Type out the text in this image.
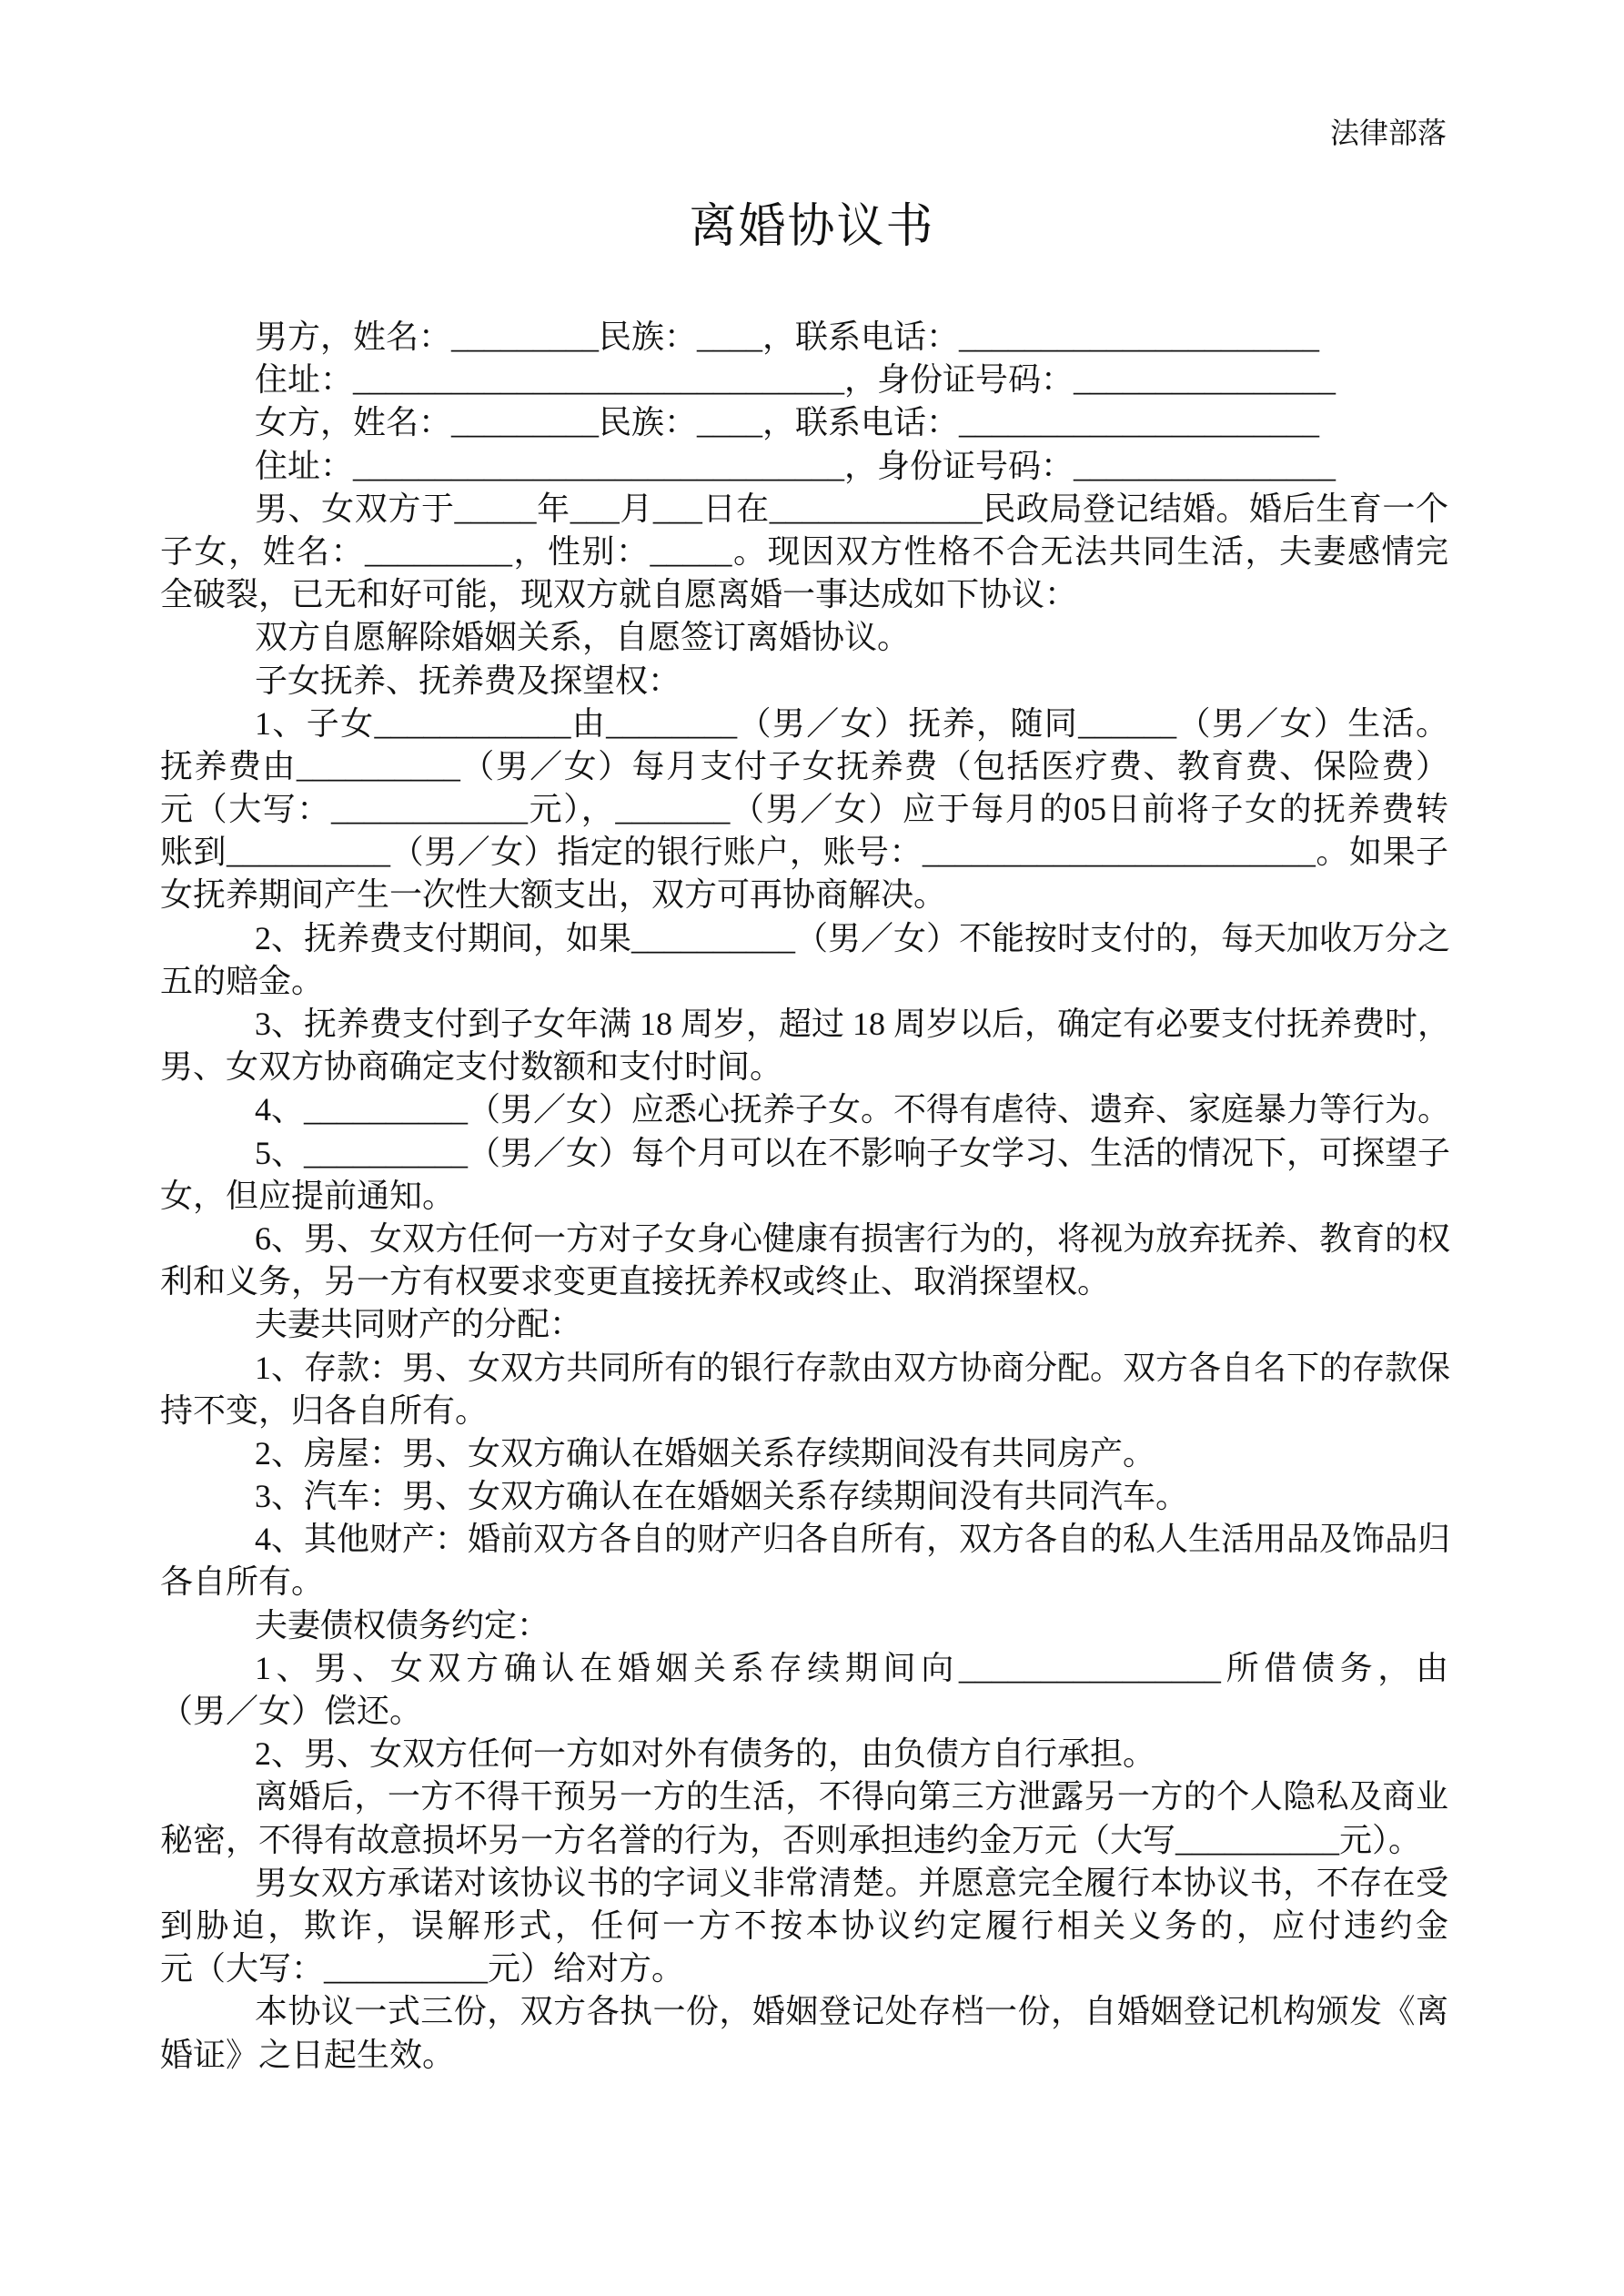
法律部落
离婚协议书
男方，姓名：_________民族：____，联系电话：______________________
住址：______________________________，身份证号码：________________
女方，姓名：_________民族：____，联系电话：______________________
住址：______________________________，身份证号码：________________
男、女双方于_____年___月___日在_____________民政局登记结婚。婚后生育一个
子女，姓名：_________，性别：_____。现因双方性格不合无法共同生活，夫妻感情完
全破裂，已无和好可能，现双方就自愿离婚一事达成如下协议：
双方自愿解除婚姻关系，自愿签订离婚协议。
子女抚养、抚养费及探望权：
1、子女____________由________（男／女）抚养，随同______（男／女）生活。
抚养费由__________（男／女）每月支付子女抚养费（包括医疗费、教育费、保险费）
元（大写：____________元），_______（男／女）应于每月的05日前将子女的抚养费转
账到__________（男／女）指定的银行账户，账号：________________________。如果子
女抚养期间产生一次性大额支出，双方可再协商解决。
2、抚养费支付期间，如果__________（男／女）不能按时支付的，每天加收万分之
五的赔金。
3、抚养费支付到子女年满 18 周岁，超过 18 周岁以后，确定有必要支付抚养费时，
男、女双方协商确定支付数额和支付时间。
4、__________（男／女）应悉心抚养子女。不得有虐待、遗弃、家庭暴力等行为。
5、__________（男／女）每个月可以在不影响子女学习、生活的情况下，可探望子
女，但应提前通知。
6、男、女双方任何一方对子女身心健康有损害行为的，将视为放弃抚养、教育的权
利和义务，另一方有权要求变更直接抚养权或终止、取消探望权。
夫妻共同财产的分配：
1、存款：男、女双方共同所有的银行存款由双方协商分配。双方各自名下的存款保
持不变，归各自所有。
2、房屋：男、女双方确认在婚姻关系存续期间没有共同房产。
3、汽车：男、女双方确认在在婚姻关系存续期间没有共同汽车。
4、其他财产：婚前双方各自的财产归各自所有，双方各自的私人生活用品及饰品归
各自所有。
夫妻债权债务约定：
1、男、女双方确认在婚姻关系存续期间向________________所借债务，由
（男／女）偿还。
2、男、女双方任何一方如对外有债务的，由负债方自行承担。
离婚后，一方不得干预另一方的生活，不得向第三方泄露另一方的个人隐私及商业
秘密，不得有故意损坏另一方名誉的行为，否则承担违约金万元（大写__________元）。
男女双方承诺对该协议书的字词义非常清楚。并愿意完全履行本协议书，不存在受
到胁迫，欺诈，误解形式，任何一方不按本协议约定履行相关义务的，应付违约金
元（大写：__________元）给对方。
本协议一式三份，双方各执一份，婚姻登记处存档一份，自婚姻登记机构颁发《离
婚证》之日起生效。
